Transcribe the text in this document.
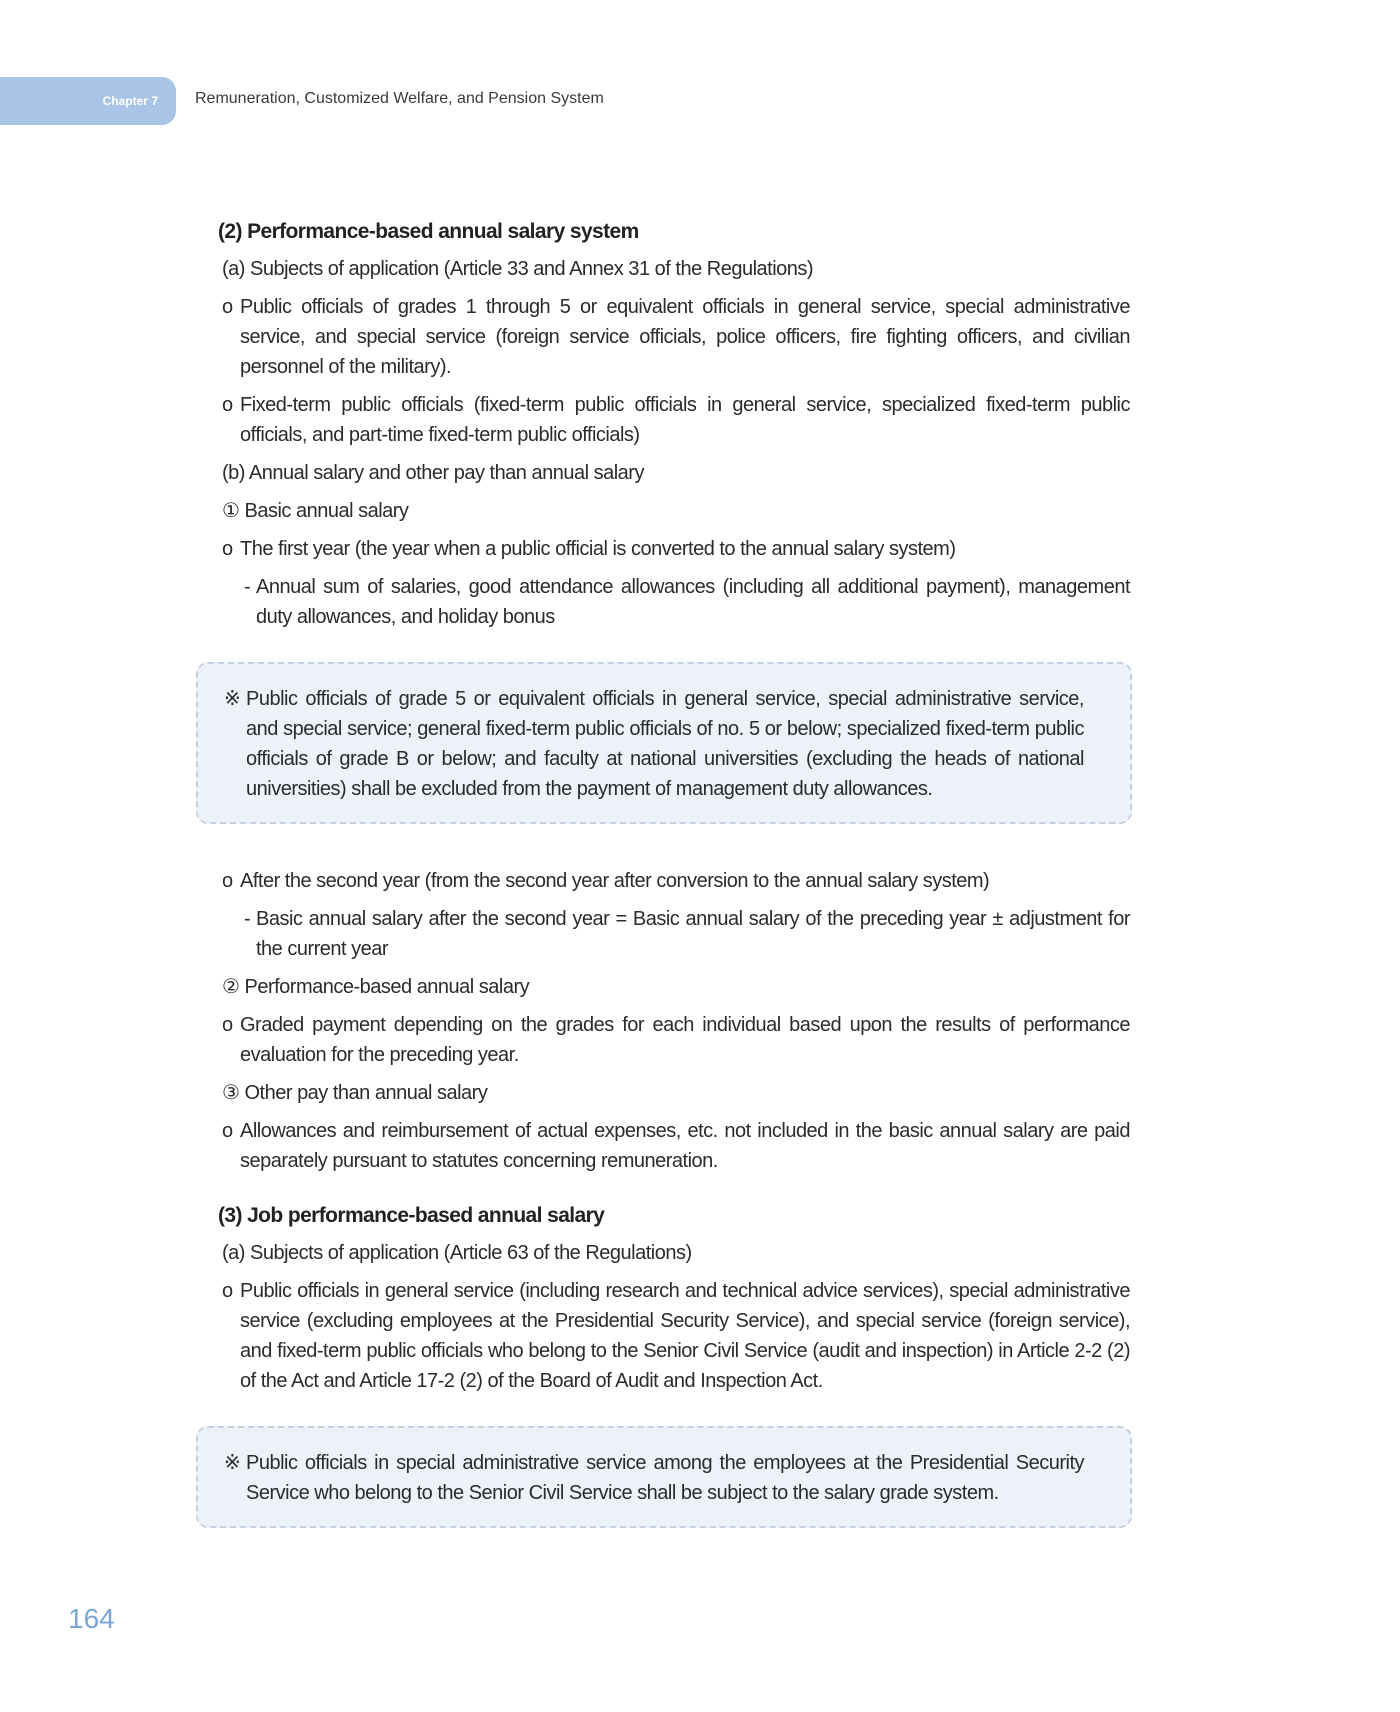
Chapter 7	Remuneration, Customized Welfare, and Pension System
(2) Performance-based annual salary system
(a) Subjects of application (Article 33 and Annex 31 of the Regulations)
o Public officials of grades 1 through 5 or equivalent officials in general service, special administrative service, and special service (foreign service officials, police officers, fire fighting officers, and civilian personnel of the military).
o Fixed-term public officials (fixed-term public officials in general service, specialized fixed-term public officials, and part-time fixed-term public officials)
(b) Annual salary and other pay than annual salary
① Basic annual salary
o The first year (the year when a public official is converted to the annual salary system)
- Annual sum of salaries, good attendance allowances (including all additional payment), management duty allowances, and holiday bonus
※ Public officials of grade 5 or equivalent officials in general service, special administrative service, and special service; general fixed-term public officials of no. 5 or below; specialized fixed-term public officials of grade B or below; and faculty at national universities (excluding the heads of national universities) shall be excluded from the payment of management duty allowances.
o After the second year (from the second year after conversion to the annual salary system)
- Basic annual salary after the second year = Basic annual salary of the preceding year ± adjustment for the current year
② Performance-based annual salary
o Graded payment depending on the grades for each individual based upon the results of performance evaluation for the preceding year.
③ Other pay than annual salary
o Allowances and reimbursement of actual expenses, etc. not included in the basic annual salary are paid separately pursuant to statutes concerning remuneration.
(3) Job performance-based annual salary
(a) Subjects of application (Article 63 of the Regulations)
o Public officials in general service (including research and technical advice services), special administrative service (excluding employees at the Presidential Security Service), and special service (foreign service), and fixed-term public officials who belong to the Senior Civil Service (audit and inspection) in Article 2-2 (2) of the Act and Article 17-2 (2) of the Board of Audit and Inspection Act.
※ Public officials in special administrative service among the employees at the Presidential Security Service who belong to the Senior Civil Service shall be subject to the salary grade system.
164
